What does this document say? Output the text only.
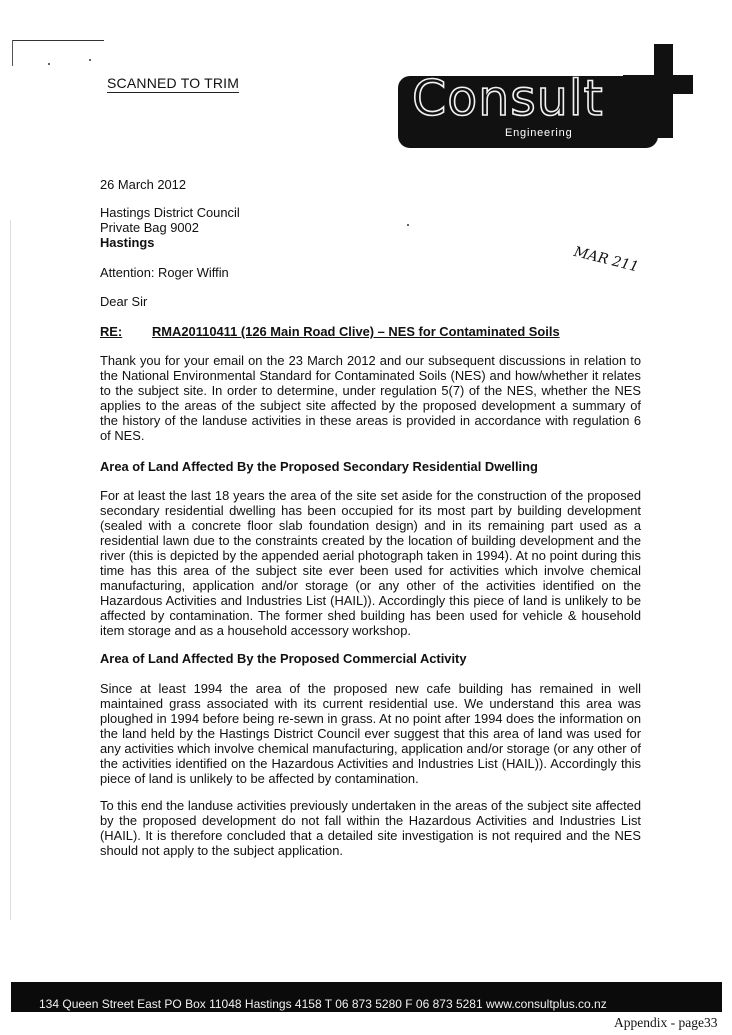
SCANNED TO TRIM	Consult
Engineering
MAR 211
26 March 2012
Hastings District Council
Private Bag 9002
Hastings
Attention: Roger Wiffin
Dear Sir
RE: RMA20110411 (126 Main Road Clive) – NES for Contaminated Soils
Thank you for your email on the 23 March 2012 and our subsequent discussions in relation to the National Environmental Standard for Contaminated Soils (NES) and how/whether it relates to the subject site. In order to determine, under regulation 5(7) of the NES, whether the NES applies to the areas of the subject site affected by the proposed development a summary of the history of the landuse activities in these areas is provided in accordance with regulation 6 of NES.
Area of Land Affected By the Proposed Secondary Residential Dwelling
For at least the last 18 years the area of the site set aside for the construction of the proposed secondary residential dwelling has been occupied for its most part by building development (sealed with a concrete floor slab foundation design) and in its remaining part used as a residential lawn due to the constraints created by the location of building development and the river (this is depicted by the appended aerial photograph taken in 1994). At no point during this time has this area of the subject site ever been used for activities which involve chemical manufacturing, application and/or storage (or any other of the activities identified on the Hazardous Activities and Industries List (HAIL)). Accordingly this piece of land is unlikely to be affected by contamination. The former shed building has been used for vehicle & household item storage and as a household accessory workshop.
Area of Land Affected By the Proposed Commercial Activity
Since at least 1994 the area of the proposed new cafe building has remained in well maintained grass associated with its current residential use. We understand this area was ploughed in 1994 before being re-sewn in grass. At no point after 1994 does the information on the land held by the Hastings District Council ever suggest that this area of land was used for any activities which involve chemical manufacturing, application and/or storage (or any other of the activities identified on the Hazardous Activities and Industries List (HAIL)). Accordingly this piece of land is unlikely to be affected by contamination.
To this end the landuse activities previously undertaken in the areas of the subject site affected by the proposed development do not fall within the Hazardous Activities and Industries List (HAIL). It is therefore concluded that a detailed site investigation is not required and the NES should not apply to the subject application.
134 Queen Street East PO Box 11048 Hastings 4158 T 06 873 5280 F 06 873 5281 www.consultplus.co.nz
Appendix - page33
